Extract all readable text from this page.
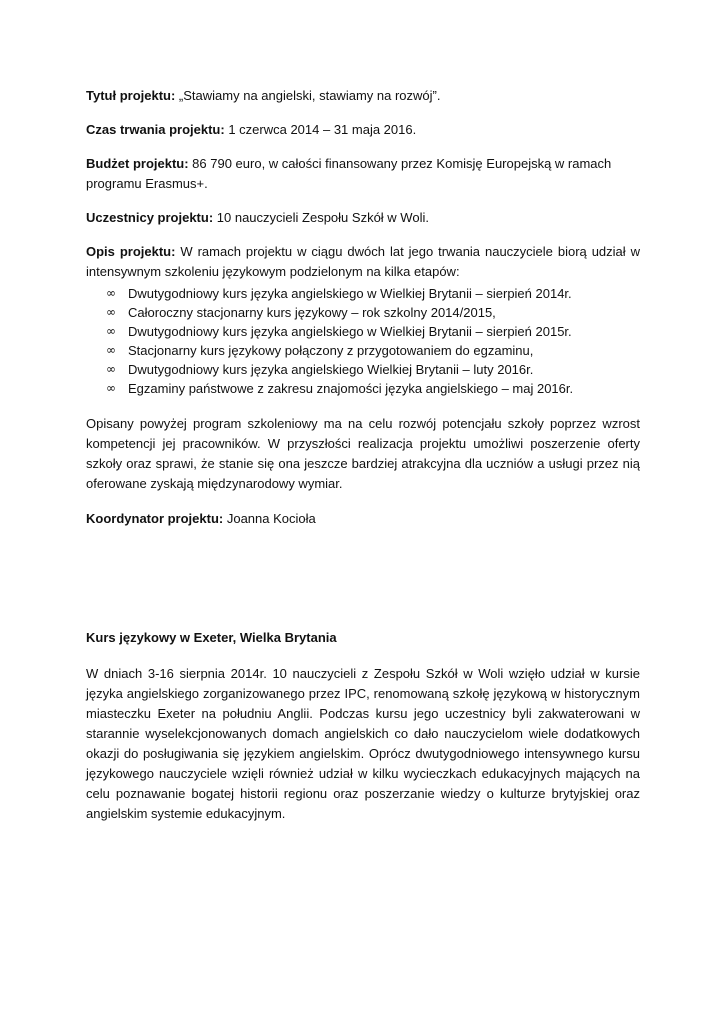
Tytuł projektu: „Stawiamy na angielski, stawiamy na rozwój”.

Czas trwania projektu: 1 czerwca 2014 – 31 maja 2016.

Budżet projektu: 86 790 euro, w całości finansowany przez Komisję Europejską w ramach programu Erasmus+.

Uczestnicy projektu: 10 nauczycieli Zespołu Szkół w Woli.

Opis projektu: W ramach projektu w ciągu dwóch lat jego trwania nauczyciele biorą udział w intensywnym szkoleniu językowym podzielonym na kilka etapów:

∞ Dwutygodniowy kurs języka angielskiego w Wielkiej Brytanii – sierpień 2014r.
∞ Całoroczny stacjonarny kurs językowy – rok szkolny 2014/2015,
∞ Dwutygodniowy kurs języka angielskiego w Wielkiej Brytanii – sierpień 2015r.
∞ Stacjonarny kurs językowy połączony z przygotowaniem do egzaminu,
∞ Dwutygodniowy kurs języka angielskiego Wielkiej Brytanii – luty 2016r.
∞ Egzaminy państwowe z zakresu znajomości języka angielskiego – maj 2016r.

Opisany powyżej program szkoleniowy ma na celu rozwój potencjału szkoły poprzez wzrost kompetencji jej pracowników. W przyszłości realizacja projektu umożliwi poszerzenie oferty szkoły oraz sprawi, że stanie się ona jeszcze bardziej atrakcyjna dla uczniów a usługi przez nią oferowane zyskają międzynarodowy wymiar.

Koordynator projektu: Joanna Kocioła

Kurs językowy w Exeter, Wielka Brytania

W dniach 3-16 sierpnia 2014r. 10 nauczycieli z Zespołu Szkół w Woli wzięło udział w kursie języka angielskiego zorganizowanego przez IPC, renomowaną szkołę językową w historycznym miasteczku Exeter na południu Anglii. Podczas kursu jego uczestnicy byli zakwaterowani w starannie wyselekcjonowanych domach angielskich co dało nauczycielom wiele dodatkowych okazji do posługiwania się językiem angielskim. Oprócz dwutygodniowego intensywnego kursu językowego nauczyciele wzięli również udział w kilku wycieczkach edukacyjnych mających na celu poznawanie bogatej historii regionu oraz poszerzanie wiedzy o kulturze brytyjskiej oraz angielskim systemie edukacyjnym.
